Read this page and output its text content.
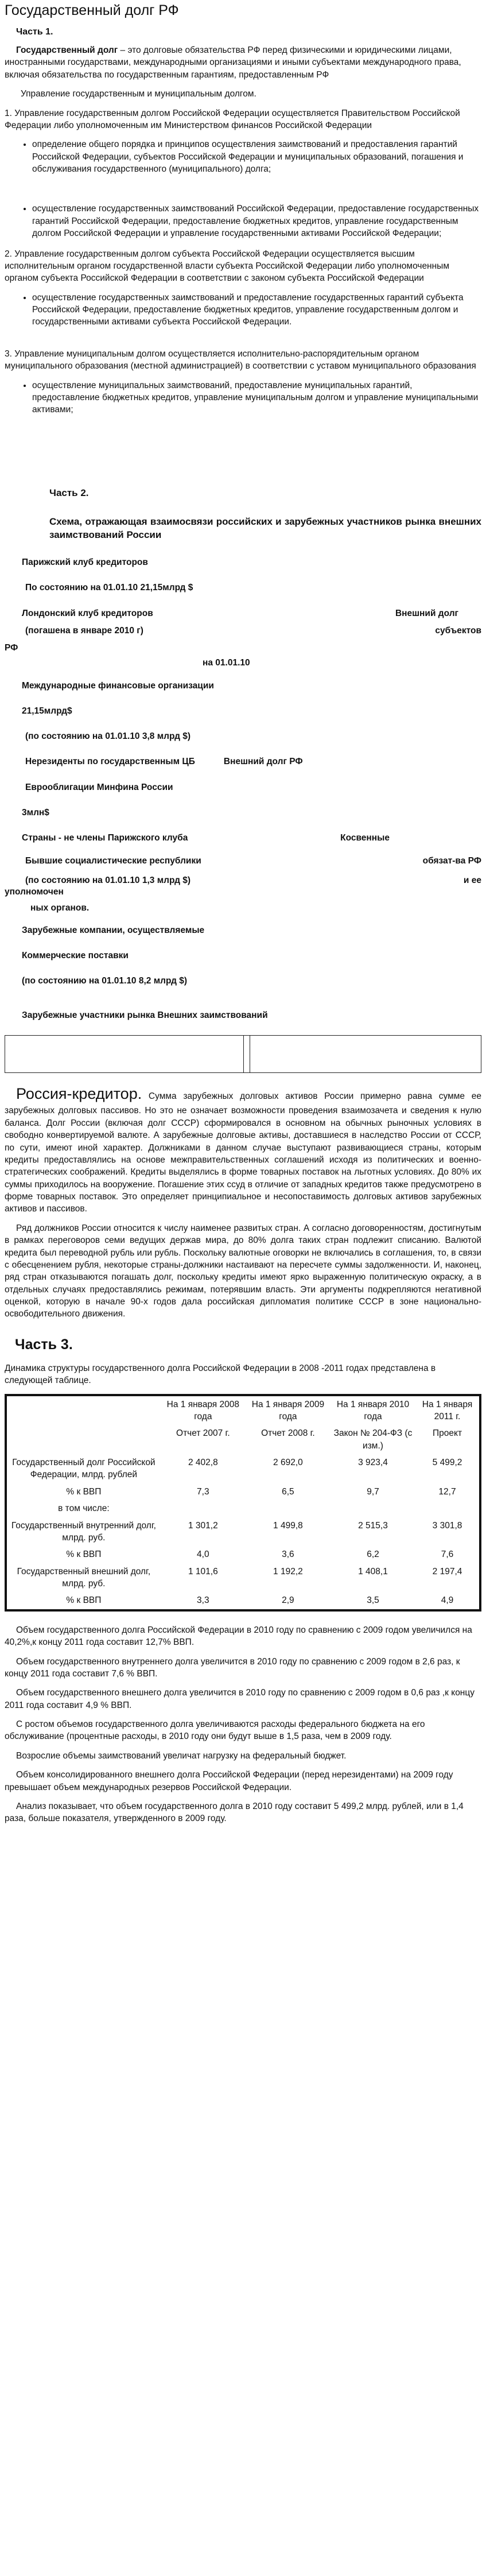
Государственный долг РФ
Часть 1.

Государственный долг – это долговые обязательства РФ перед физическими и юридическими лицами, иностранными государствами, международными организациями и иными субъектами международного права, включая обязательства по государственным гарантиям, предоставленным РФ

Управление государственным и муниципальным долгом.

1. Управление государственным долгом Российской Федерации осуществляется Правительством Российской Федерации либо уполномоченным им Министерством финансов Российской Федерации

• определение общего порядка и принципов осуществления заимствований и предоставления гарантий Российской Федерации, субъектов Российской Федерации и муниципальных образований, погашения и обслуживания государственного (муниципального) долга;
• осуществление государственных заимствований Российской Федерации, предоставление государственных гарантий Российской Федерации, предоставление бюджетных кредитов, управление государственным долгом Российской Федерации и управление государственными активами Российской Федерации;

2. Управление государственным долгом субъекта Российской Федерации осуществляется высшим исполнительным органом государственной власти субъекта Российской Федерации либо уполномоченным органом субъекта Российской Федерации в соответствии с законом субъекта Российской Федерации

• осуществление государственных заимствований и предоставление государственных гарантий субъекта Российской Федерации, предоставление бюджетных кредитов, управление государственным долгом и государственными активами субъекта Российской Федерации.

3. Управление муниципальным долгом осуществляется исполнительно-распорядительным органом муниципального образования (местной администрацией) в соответствии с уставом муниципального образования

• осуществление муниципальных заимствований, предоставление муниципальных гарантий, предоставление бюджетных кредитов, управление муниципальным долгом и управление муниципальными активами;
Часть 2.
Схема, отражающая взаимосвязи российских и зарубежных участников рынка внешних заимствований России
Парижский клуб кредиторов
По состоянию на 01.01.10 21,15млрд $
Лондонский клуб кредиторов	Внешний долг
(погашена в январе 2010 г)	субъектов
РФ
на 01.01.10
Международные финансовые организации
21,15млрд$
(по состоянию на 01.01.10 3,8 млрд $)
Нерезиденты по государственным ЦБ	Внешний долг РФ
Еврооблигации Минфина России
3млн$
Страны - не члены Парижского клуба	Косвенные
Бывшие социалистические республики	обязат-ва РФ
(по состоянию на 01.01.10 1,3 млрд $)	и ее
уполномочен
ных органов.
Зарубежные компании, осуществляемые
Коммерческие поставки
(по состоянию на 01.01.10 8,2 млрд $)
Зарубежные участники рынка Внешних заимствований

Россия-кредитор. Сумма зарубежных долговых активов России примерно равна сумме ее зарубежных долговых пассивов. Но это не означает возможности проведения взаимозачета и сведения к нулю баланса. Долг России (включая долг СССР) сформировался в основном на обычных рыночных условиях в свободно конвертируемой валюте. А зарубежные долговые активы, доставшиеся в наследство России от СССР, по сути, имеют иной характер. Должниками в данном случае выступают развивающиеся страны, которым кредиты предоставлялись на основе межправительственных соглашений исходя из политических и военно-стратегических соображений. Кредиты выделялись в форме товарных поставок на льготных условиях. До 80% их суммы приходилось на вооружение. Погашение этих ссуд в отличие от западных кредитов также предусмотрено в форме товарных поставок. Это определяет принципиальное и несопоставимость долговых активов зарубежных активов и пассивов.

Ряд должников России относится к числу наименее развитых стран. А согласно договоренностям, достигнутым в рамках переговоров семи ведущих держав мира, до 80% долга таких стран подлежит списанию. Валютой кредита был переводной рубль или рубль. Поскольку валютные оговорки не включались в соглашения, то, в связи с обесценением рубля, некоторые страны-должники настаивают на пересчете суммы задолженности. И, наконец, ряд стран отказываются погашать долг, поскольку кредиты имеют ярко выраженную политическую окраску, а в отдельных случаях предоставлялись режимам, потерявшим власть. Эти аргументы подкрепляются негативной оценкой, которую в начале 90-х годов дала российская дипломатия политике СССР в зоне национально-освободительного движения.

Часть 3.

Динамика структуры государственного долга Российской Федерации в 2008 -2011 годах представлена в следующей таблице.

	На 1 января 2008 года	На 1 января 2009 года	На 1 января 2010 года	На 1 января 2011 г.
	Отчет 2007 г.	Отчет 2008 г.	Закон № 204-ФЗ (с изм.)	Проект
Государственный долг Российской Федерации, млрд. рублей	2 402,8	2 692,0	3 923,4	5 499,2
% к ВВП	7,3	6,5	9,7	12,7
в том числе:				
Государственный внутренний долг, млрд. руб.	1 301,2	1 499,8	2 515,3	3 301,8
% к ВВП	4,0	3,6	6,2	7,6
Государственный внешний долг, млрд. руб.	1 101,6	1 192,2	1 408,1	2 197,4
% к ВВП	3,3	2,9	3,5	4,9

Объем государственного долга Российской Федерации в 2010 году по сравнению с 2009 годом увеличился на 40,2%,к концу 2011 года составит 12,7% ВВП.

Объем государственного внутреннего долга увеличится в 2010 году по сравнению с 2009 годом в 2,6 раз, к концу 2011 года составит 7,6 % ВВП.

Объем государственного внешнего долга увеличится в 2010 году по сравнению с 2009 годом в 0,6 раз ,к концу 2011 года составит 4,9 % ВВП.

С ростом объемов государственного долга увеличиваются расходы федерального бюджета на его обслуживание (процентные расходы, в 2010 году они будут выше в 1,5 раза, чем в 2009 году.

Возрослие объемы заимствований увеличат нагрузку на федеральный бюджет.

Объем консолидированного внешнего долга Российской Федерации (перед нерезидентами) на 2009 году превышает объем международных резервов Российской Федерации.

Анализ показывает, что объем государственного долга в 2010 году составит 5 499,2 млрд. рублей, или в 1,4 раза, больше показателя, утвержденного в 2009 году.
